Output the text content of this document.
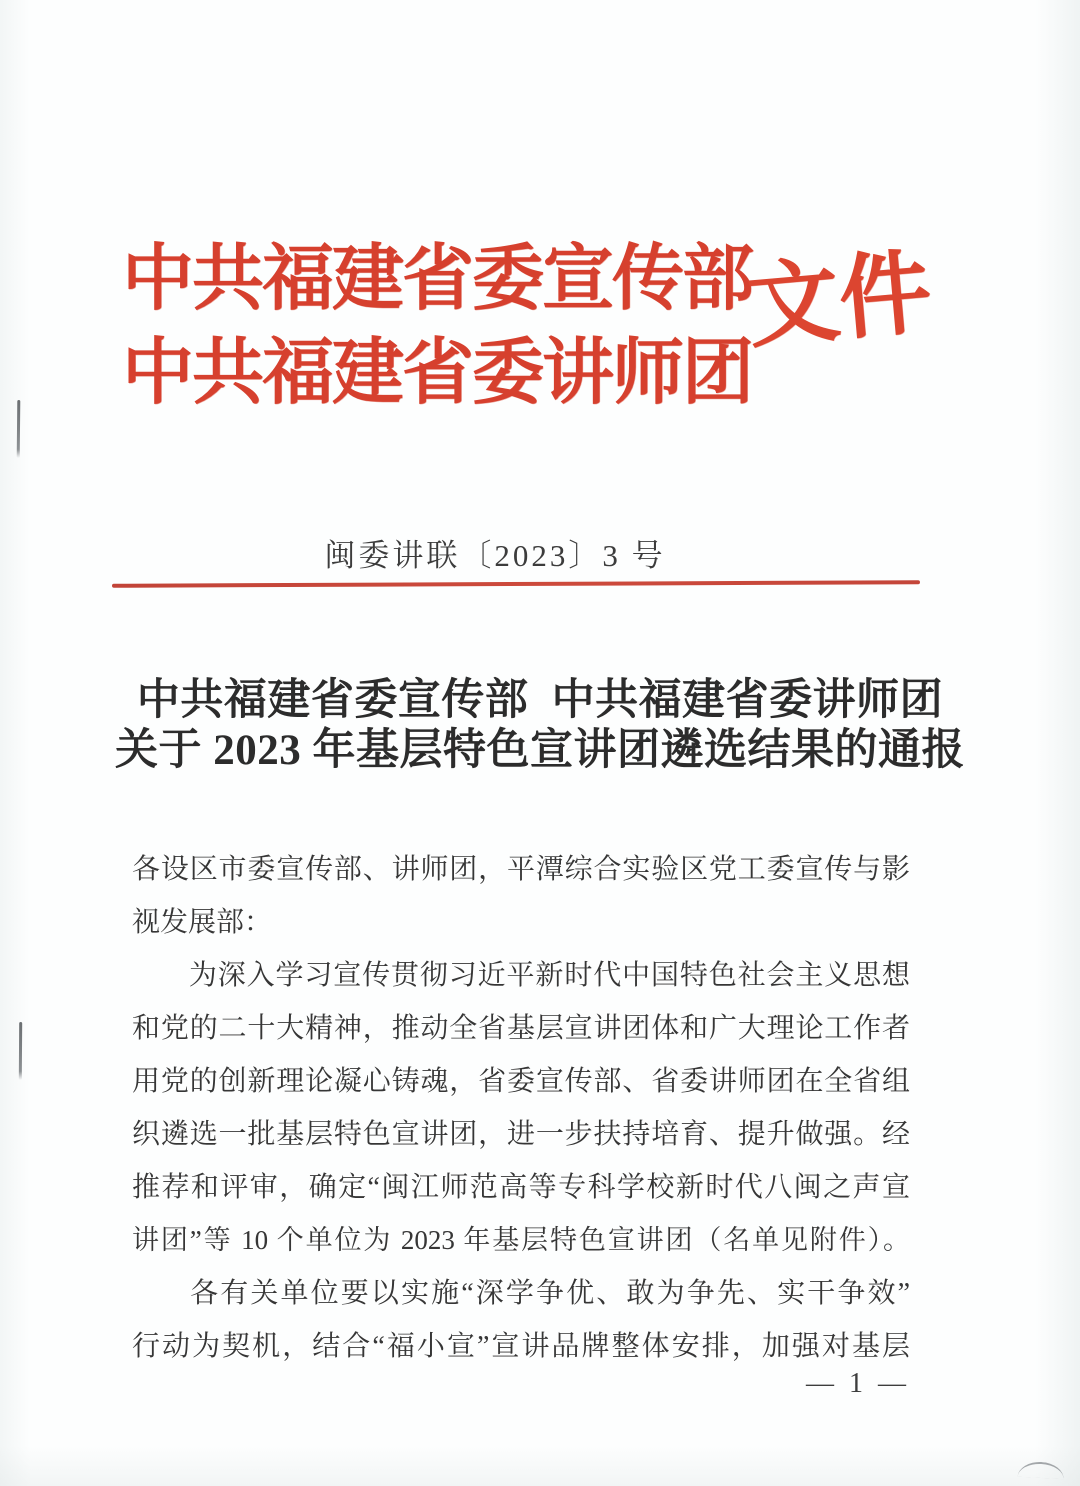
中共福建省委宣传部
中共福建省委讲师团
文件
闽委讲联〔2023〕3 号
中共福建省委宣传部 中共福建省委讲师团
关于 2023 年基层特色宣讲团遴选结果的通报
各设区市委宣传部、讲师团，平潭综合实验区党工委宣传与影
视发展部：
为深入学习宣传贯彻习近平新时代中国特色社会主义思想
和党的二十大精神，推动全省基层宣讲团体和广大理论工作者
用党的创新理论凝心铸魂，省委宣传部、省委讲师团在全省组
织遴选一批基层特色宣讲团，进一步扶持培育、提升做强。经
推荐和评审，确定“闽江师范高等专科学校新时代八闽之声宣
讲团”等 10 个单位为 2023 年基层特色宣讲团（名单见附件）。
各有关单位要以实施“深学争优、敢为争先、实干争效”
行动为契机，结合“福小宣”宣讲品牌整体安排，加强对基层
— 1 —
